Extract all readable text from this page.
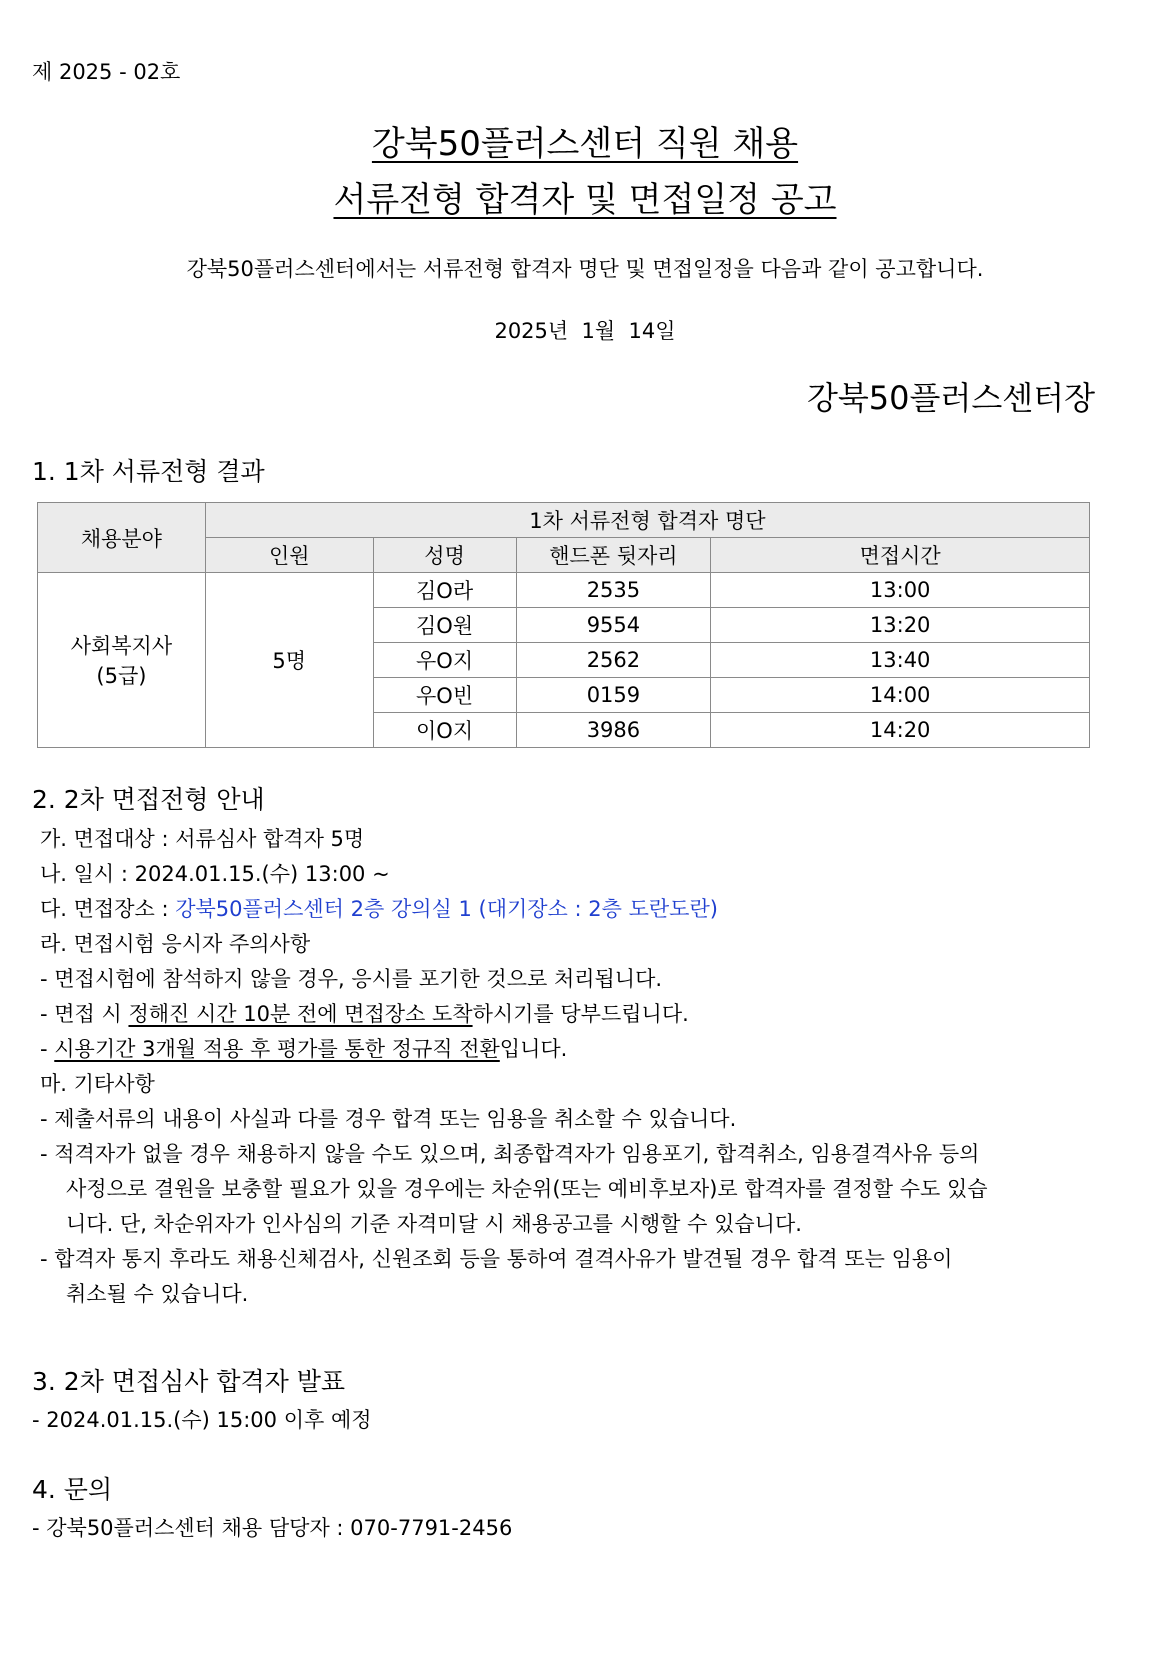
제 2025 - 02호
강북50플러스센터 직원 채용
서류전형 합격자 및 면접일정 공고
강북50플러스센터에서는 서류전형 합격자 명단 및 면접일정을 다음과 같이 공고합니다.
2025년  1월  14일
강북50플러스센터장
1. 1차 서류전형 결과
채용분야	1차 서류전형 합격자 명단			
	인원	성명	핸드폰 뒷자리	면접시간

사회복지사
(5급)	5명	김O라	2535	13:00
		김O원	9554	13:20
		우O지	2562	13:40
		우O빈	0159	14:00
		이O지	3986	14:20
2. 2차 면접전형 안내
가. 면접대상 : 서류심사 합격자 5명
나. 일시 : 2024.01.15.(수) 13:00 ~
다. 면접장소 : 강북50플러스센터 2층 강의실 1 (대기장소 : 2층 도란도란)
라. 면접시험 응시자 주의사항
- 면접시험에 참석하지 않을 경우, 응시를 포기한 것으로 처리됩니다.
- 면접 시 정해진 시간 10분 전에 면접장소 도착하시기를 당부드립니다.
- 시용기간 3개월 적용 후 평가를 통한 정규직 전환입니다.
마. 기타사항
- 제출서류의 내용이 사실과 다를 경우 합격 또는 임용을 취소할 수 있습니다.
- 적격자가 없을 경우 채용하지 않을 수도 있으며, 최종합격자가 임용포기, 합격취소, 임용결격사유 등의
사정으로 결원을 보충할 필요가 있을 경우에는 차순위(또는 예비후보자)로 합격자를 결정할 수도 있습
니다. 단, 차순위자가 인사심의 기준 자격미달 시 채용공고를 시행할 수 있습니다.
- 합격자 통지 후라도 채용신체검사, 신원조회 등을 통하여 결격사유가 발견될 경우 합격 또는 임용이
취소될 수 있습니다.
3. 2차 면접심사 합격자 발표
- 2024.01.15.(수) 15:00 이후 예정
4. 문의
- 강북50플러스센터 채용 담당자 : 070-7791-2456
